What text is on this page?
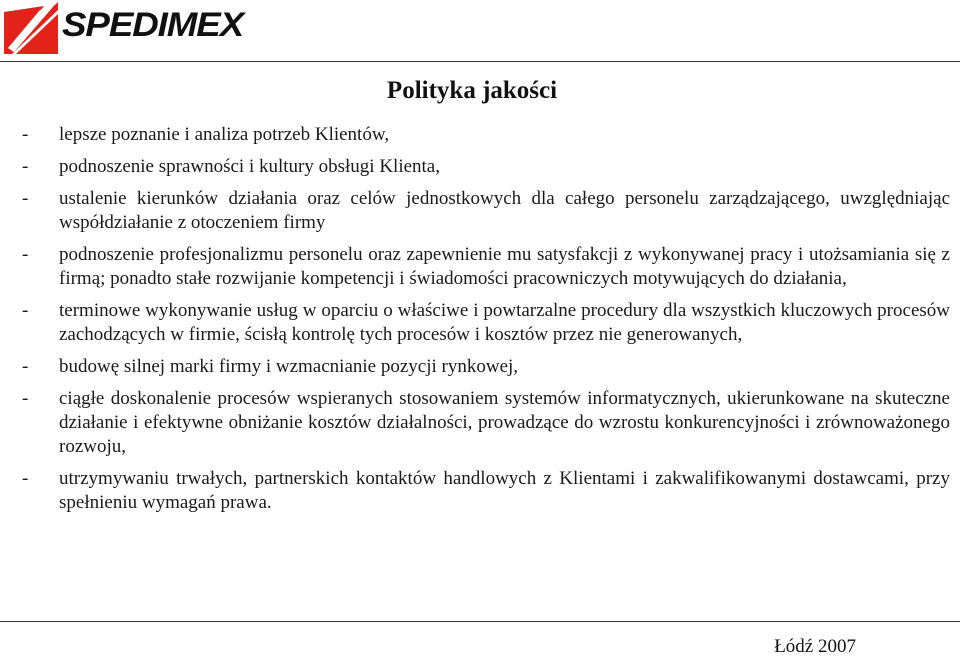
SPEDIMEX
Polityka jakości
- lepsze poznanie i analiza potrzeb Klientów,
- podnoszenie sprawności i kultury obsługi Klienta,
- ustalenie kierunków działania oraz celów jednostkowych dla całego personelu zarządzającego, uwzględniając współdziałanie z otoczeniem firmy
- podnoszenie profesjonalizmu personelu oraz zapewnienie mu satysfakcji z wykonywanej pracy i utożsamiania się z firmą; ponadto stałe rozwijanie kompetencji i świadomości pracowniczych motywujących do działania,
- terminowe wykonywanie usług w oparciu o właściwe i powtarzalne procedury dla wszystkich kluczowych procesów zachodzących w firmie, ścisłą kontrolę tych procesów i kosztów przez nie generowanych,
- budowę silnej marki firmy i wzmacnianie pozycji rynkowej,
- ciągłe doskonalenie procesów wspieranych stosowaniem systemów informatycznych, ukierunkowane na skuteczne działanie i efektywne obniżanie kosztów działalności, prowadzące do wzrostu konkurencyjności i zrównoważonego rozwoju,
- utrzymywaniu trwałych, partnerskich kontaktów handlowych z Klientami i zakwalifikowanymi dostawcami, przy spełnieniu wymagań prawa.
Łódź 2007
